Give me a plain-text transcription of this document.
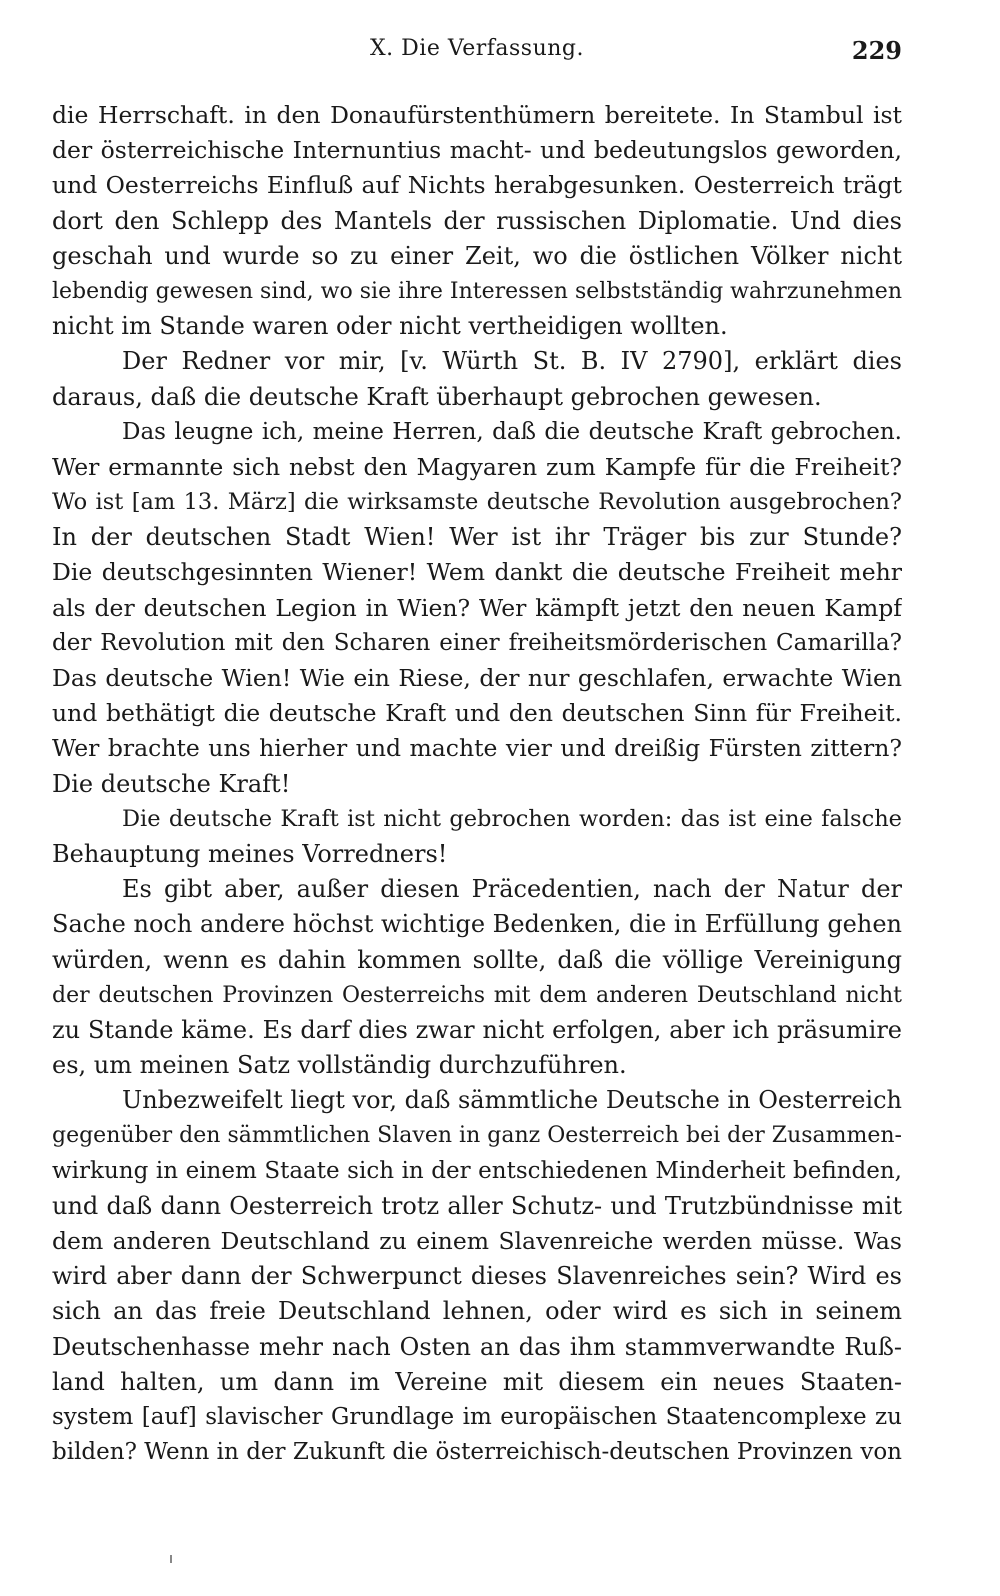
X. Die Verfassung.	229
die Herrschaft. in den Donaufürstenthümern bereitete. In Stambul ist
der österreichische Internuntius macht- und bedeutungslos geworden,
und Oesterreichs Einfluß auf Nichts herabgesunken. Oesterreich trägt
dort den Schlepp des Mantels der russischen Diplomatie. Und dies
geschah und wurde so zu einer Zeit, wo die östlichen Völker nicht
lebendig gewesen sind, wo sie ihre Interessen selbstständig wahrzunehmen
nicht im Stande waren oder nicht vertheidigen wollten.
Der Redner vor mir, [v. Würth St. B. IV 2790], erklärt dies
daraus, daß die deutsche Kraft überhaupt gebrochen gewesen.
Das leugne ich, meine Herren, daß die deutsche Kraft gebrochen.
Wer ermannte sich nebst den Magyaren zum Kampfe für die Freiheit?
Wo ist [am 13. März] die wirksamste deutsche Revolution ausgebrochen?
In der deutschen Stadt Wien! Wer ist ihr Träger bis zur Stunde?
Die deutschgesinnten Wiener! Wem dankt die deutsche Freiheit mehr
als der deutschen Legion in Wien? Wer kämpft jetzt den neuen Kampf
der Revolution mit den Scharen einer freiheitsmörderischen Camarilla?
Das deutsche Wien! Wie ein Riese, der nur geschlafen, erwachte Wien
und bethätigt die deutsche Kraft und den deutschen Sinn für Freiheit.
Wer brachte uns hierher und machte vier und dreißig Fürsten zittern?
Die deutsche Kraft!
Die deutsche Kraft ist nicht gebrochen worden: das ist eine falsche
Behauptung meines Vorredners!
Es gibt aber, außer diesen Präcedentien, nach der Natur der
Sache noch andere höchst wichtige Bedenken, die in Erfüllung gehen
würden, wenn es dahin kommen sollte, daß die völlige Vereinigung
der deutschen Provinzen Oesterreichs mit dem anderen Deutschland nicht
zu Stande käme. Es darf dies zwar nicht erfolgen, aber ich präsumire
es, um meinen Satz vollständig durchzuführen.
Unbezweifelt liegt vor, daß sämmtliche Deutsche in Oesterreich
gegenüber den sämmtlichen Slaven in ganz Oesterreich bei der Zusammen-
wirkung in einem Staate sich in der entschiedenen Minderheit befinden,
und daß dann Oesterreich trotz aller Schutz- und Trutzbündnisse mit
dem anderen Deutschland zu einem Slavenreiche werden müsse. Was
wird aber dann der Schwerpunct dieses Slavenreiches sein? Wird es
sich an das freie Deutschland lehnen, oder wird es sich in seinem
Deutschenhasse mehr nach Osten an das ihm stammverwandte Ruß-
land halten, um dann im Vereine mit diesem ein neues Staaten-
system [auf] slavischer Grundlage im europäischen Staatencomplexe zu
bilden? Wenn in der Zukunft die österreichisch-deutschen Provinzen von
